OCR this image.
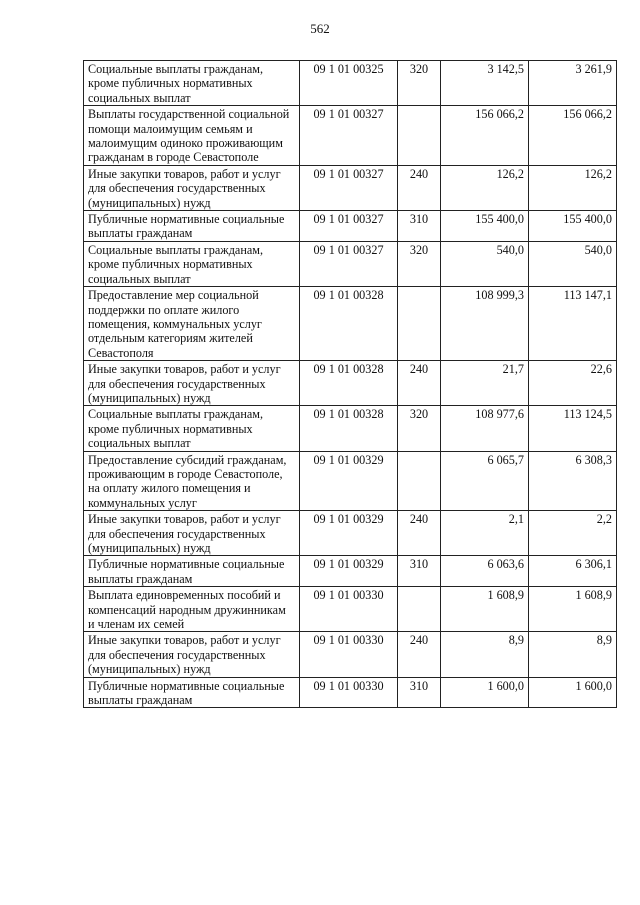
562
Социальные выплаты гражданам, кроме публичных нормативных социальных выплат	09 1 01 00325	320	3 142,5	3 261,9
Выплаты государственной социальной помощи малоимущим семьям и малоимущим одиноко проживающим гражданам в городе Севастополе	09 1 01 00327		156 066,2	156 066,2
Иные закупки товаров, работ и услуг для обеспечения государственных (муниципальных) нужд	09 1 01 00327	240	126,2	126,2
Публичные нормативные социальные выплаты гражданам	09 1 01 00327	310	155 400,0	155 400,0
Социальные выплаты гражданам, кроме публичных нормативных социальных выплат	09 1 01 00327	320	540,0	540,0
Предоставление мер социальной поддержки по оплате жилого помещения, коммунальных услуг отдельным категориям жителей Севастополя	09 1 01 00328		108 999,3	113 147,1
Иные закупки товаров, работ и услуг для обеспечения государственных (муниципальных) нужд	09 1 01 00328	240	21,7	22,6
Социальные выплаты гражданам, кроме публичных нормативных социальных выплат	09 1 01 00328	320	108 977,6	113 124,5
Предоставление субсидий гражданам, проживающим в городе Севастополе, на оплату жилого помещения и коммунальных услуг	09 1 01 00329		6 065,7	6 308,3
Иные закупки товаров, работ и услуг для обеспечения государственных (муниципальных) нужд	09 1 01 00329	240	2,1	2,2
Публичные нормативные социальные выплаты гражданам	09 1 01 00329	310	6 063,6	6 306,1
Выплата единовременных пособий и компенсаций народным дружинникам и членам их семей	09 1 01 00330		1 608,9	1 608,9
Иные закупки товаров, работ и услуг для обеспечения государственных (муниципальных) нужд	09 1 01 00330	240	8,9	8,9
Публичные нормативные социальные выплаты гражданам	09 1 01 00330	310	1 600,0	1 600,0
